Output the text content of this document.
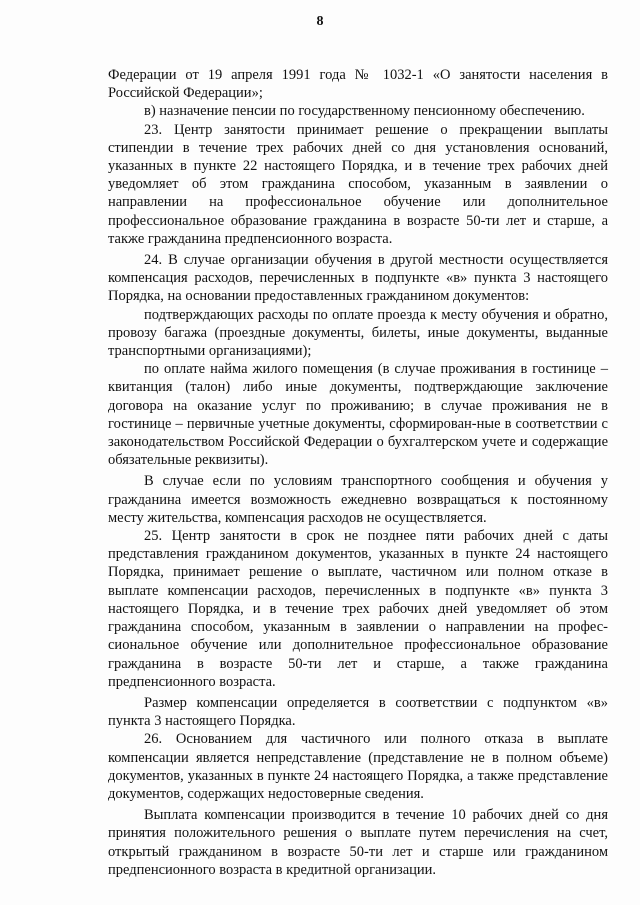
8

Федерации от 19 апреля 1991 года № 1032-1 «О занятости населения в Российской Федерации»;

в) назначение пенсии по государственному пенсионному обеспечению.

23. Центр занятости принимает решение о прекращении выплаты стипендии в течение трех рабочих дней со дня установления оснований, указанных в пункте 22 настоящего Порядка, и в течение трех рабочих дней уведомляет об этом гражданина способом, указанным в заявлении о направлении на профессиональное обучение или дополнительное профессиональное образование гражданина в возрасте 50-ти лет и старше, а также гражданина предпенсионного возраста.

24. В случае организации обучения в другой местности осуществляется компенсация расходов, перечисленных в подпункте «в» пункта 3 настоящего Порядка, на основании предоставленных гражданином документов:

подтверждающих расходы по оплате проезда к месту обучения и обратно, провозу багажа (проездные документы, билеты, иные документы, выданные транспортными организациями);

по оплате найма жилого помещения (в случае проживания в гостинице – квитанция (талон) либо иные документы, подтверждающие заключение договора на оказание услуг по проживанию; в случае проживания не в гостинице – первичные учетные документы, сформирован-ные в соответствии с законодательством Российской Федерации о бухгалтерском учете и содержащие обязательные реквизиты).

В случае если по условиям транспортного сообщения и обучения у гражданина имеется возможность ежедневно возвращаться к постоянному месту жительства, компенсация расходов не осуществляется.

25. Центр занятости в срок не позднее пяти рабочих дней с даты представления гражданином документов, указанных в пункте 24 настоящего Порядка, принимает решение о выплате, частичном или полном отказе в выплате компенсации расходов, перечисленных в подпункте «в» пункта 3 настоящего Порядка, и в течение трех рабочих дней уведомляет об этом гражданина способом, указанным в заявлении о направлении на профес-сиональное обучение или дополнительное профессиональное образование гражданина в возрасте 50-ти лет и старше, а также гражданина предпенсионного возраста.

Размер компенсации определяется в соответствии с подпунктом «в» пункта 3 настоящего Порядка.

26. Основанием для частичного или полного отказа в выплате компенсации является непредставление (представление не в полном объеме) документов, указанных в пункте 24 настоящего Порядка, а также представление документов, содержащих недостоверные сведения.

Выплата компенсации производится в течение 10 рабочих дней со дня принятия положительного решения о выплате путем перечисления на счет, открытый гражданином в возрасте 50-ти лет и старше или гражданином предпенсионного возраста в кредитной организации.
